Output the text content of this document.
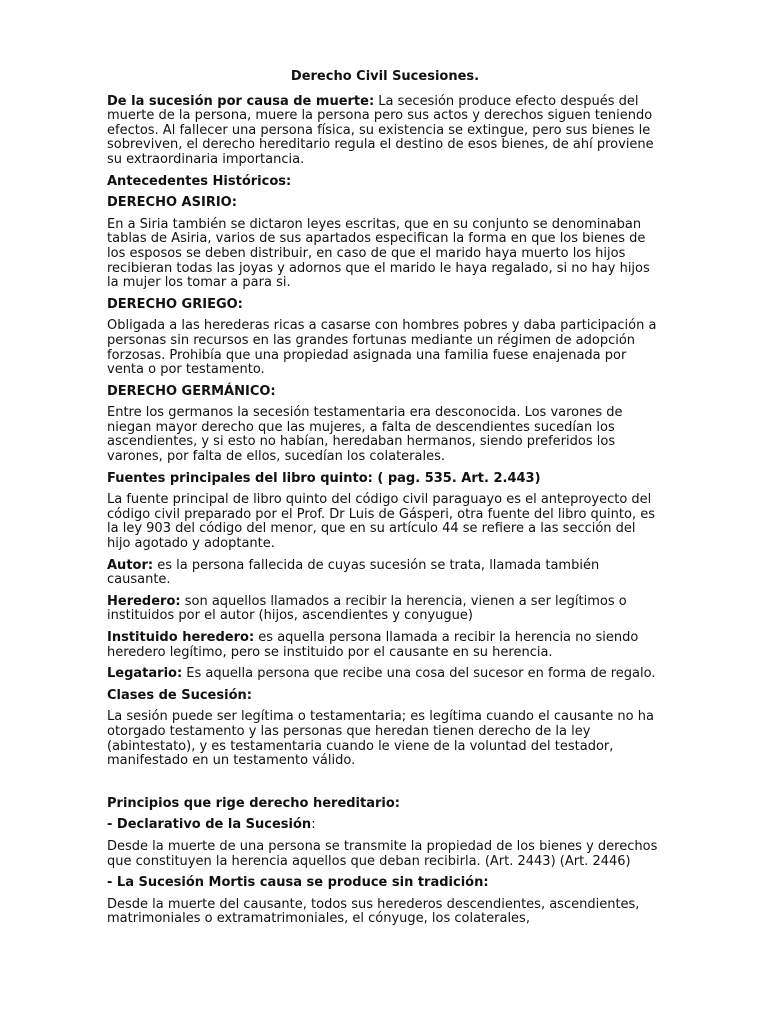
Derecho Civil Sucesiones.

De la sucesión por causa de muerte: La secesión produce efecto después del muerte de la persona, muere la persona pero sus actos y derechos siguen teniendo efectos. Al fallecer una persona física, su existencia se extingue, pero sus bienes le sobreviven, el derecho hereditario regula el destino de esos bienes, de ahí proviene su extraordinaria importancia.

Antecedentes Históricos:
DERECHO ASIRIO:

En a Siria también se dictaron leyes escritas, que en su conjunto se denominaban tablas de Asiria, varios de sus apartados especifican la forma en que los bienes de los esposos se deben distribuir, en caso de que el marido haya muerto los hijos recibieran todas las joyas y adornos que el marido le haya regalado, si no hay hijos la mujer los tomar a para si.

DERECHO GRIEGO:

Obligada a las herederas ricas a casarse con hombres pobres y daba participación a personas sin recursos en las grandes fortunas mediante un régimen de adopción forzosas. Prohibía que una propiedad asignada una familia fuese enajenada por venta o por testamento.

DERECHO GERMÁNICO:

Entre los germanos la secesión testamentaria era desconocida. Los varones de niegan mayor derecho que las mujeres, a falta de descendientes sucedían los ascendientes, y si esto no habían, heredaban hermanos, siendo preferidos los varones, por falta de ellos, sucedían los colaterales.

Fuentes principales del libro quinto: ( pag. 535. Art. 2.443)

La fuente principal de libro quinto del código civil paraguayo es el anteproyecto del código civil preparado por el Prof. Dr Luis de Gásperi, otra fuente del libro quinto, es la ley 903 del código del menor, que en su artículo 44 se refiere a las sección del hijo agotado y adoptante.

Autor: es la persona fallecida de cuyas sucesión se trata, llamada también causante.

Heredero: son aquellos llamados a recibir la herencia, vienen a ser legítimos o instituidos por el autor (hijos, ascendientes y conyugue)

Instituido heredero: es aquella persona llamada a recibir la herencia no siendo heredero legítimo, pero se instituido por el causante en su herencia.

Legatario: Es aquella persona que recibe una cosa del sucesor en forma de regalo.

Clases de Sucesión:

La sesión puede ser legítima o testamentaria; es legítima cuando el causante no ha otorgado testamento y las personas que heredan tienen derecho de la ley (abintestato), y es testamentaria cuando le viene de la voluntad del testador, manifestado en un testamento válido.

Principios que rige derecho hereditario:
- Declarativo de la Sucesión:

Desde la muerte de una persona se transmite la propiedad de los bienes y derechos que constituyen la herencia aquellos que deban recibirla. (Art. 2443) (Art. 2446)

- La Sucesión Mortis causa se produce sin tradición:

Desde la muerte del causante, todos sus herederos descendientes, ascendientes, matrimoniales o extramatrimoniales, el cónyuge, los colaterales,
